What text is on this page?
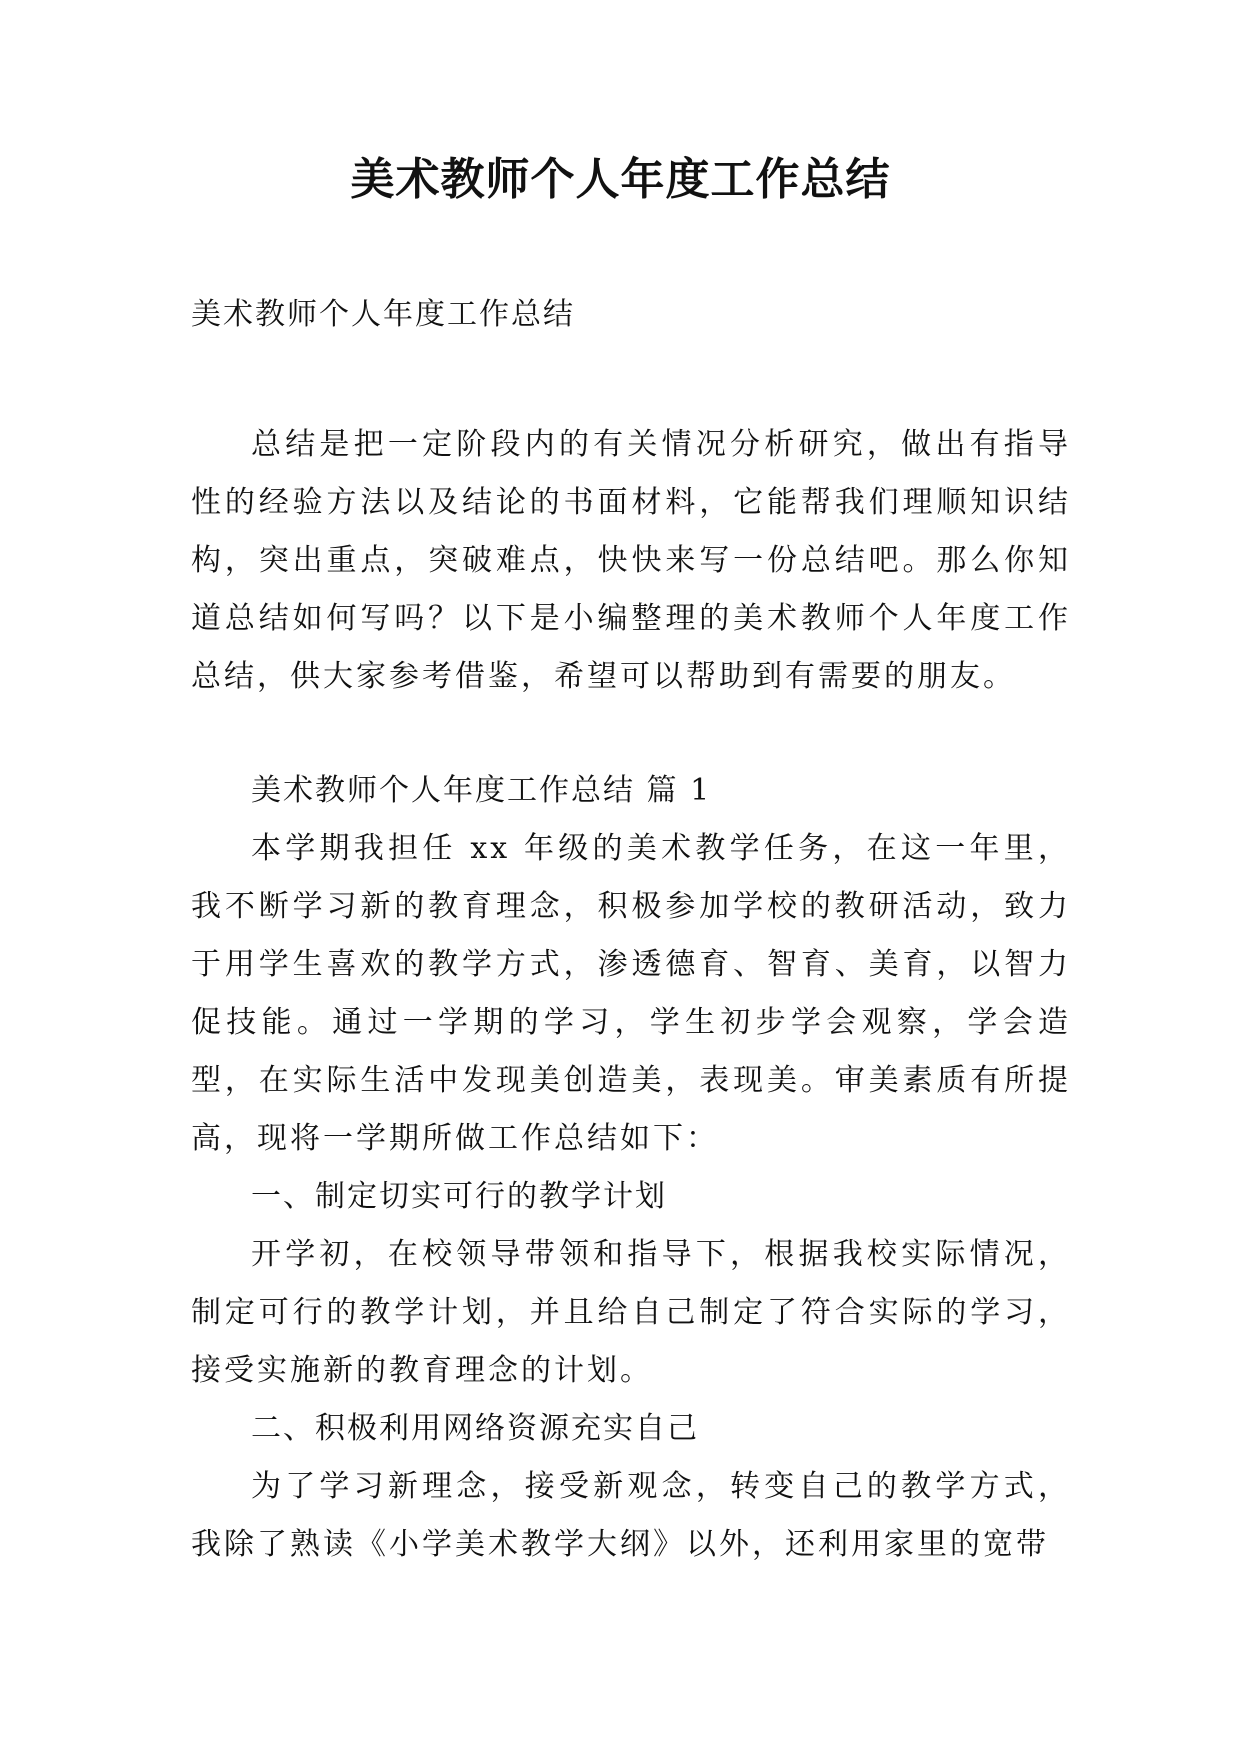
美术教师个人年度工作总结
美术教师个人年度工作总结

总结是把一定阶段内的有关情况分析研究，做出有指导性的经验方法以及结论的书面材料，它能帮我们理顺知识结构，突出重点，突破难点，快快来写一份总结吧。那么你知道总结如何写吗？以下是小编整理的美术教师个人年度工作总结，供大家参考借鉴，希望可以帮助到有需要的朋友。

美术教师个人年度工作总结 篇 1

本学期我担任 xx 年级的美术教学任务，在这一年里，我不断学习新的教育理念，积极参加学校的教研活动，致力于用学生喜欢的教学方式，渗透德育、智育、美育，以智力促技能。通过一学期的学习，学生初步学会观察，学会造型，在实际生活中发现美创造美，表现美。审美素质有所提高，现将一学期所做工作总结如下：

一、制定切实可行的教学计划

开学初，在校领导带领和指导下，根据我校实际情况，制定可行的教学计划，并且给自己制定了符合实际的学习，接受实施新的教育理念的计划。

二、积极利用网络资源充实自己

为了学习新理念，接受新观念，转变自己的教学方式，我除了熟读《小学美术教学大纲》以外，还利用家里的宽带
